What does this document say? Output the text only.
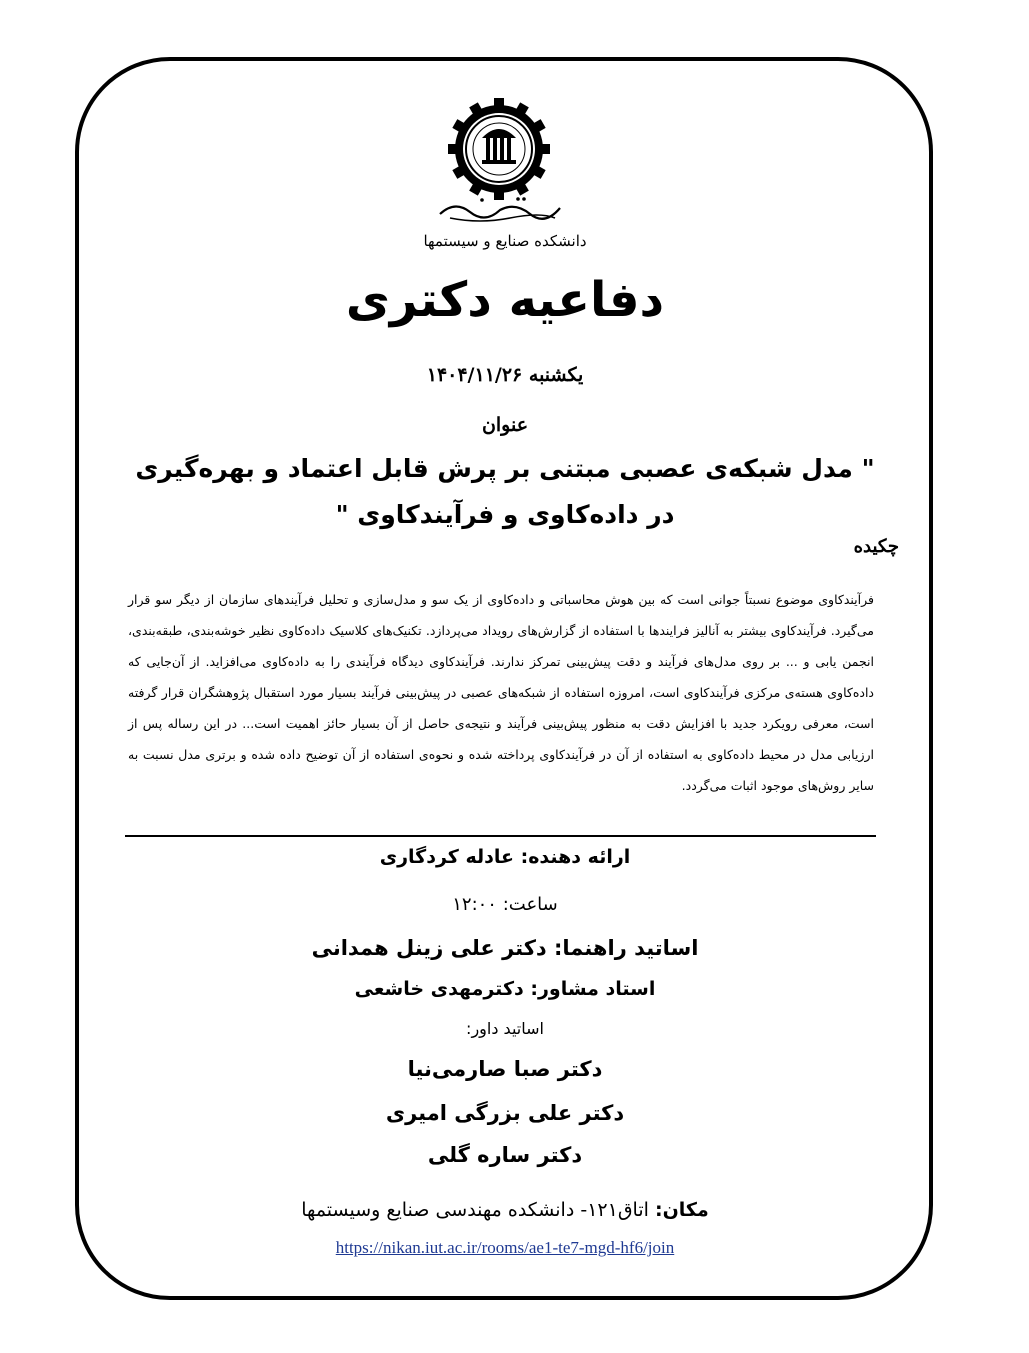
دانشکده صنایع و سیستمها
دفاعیه دکتری
یکشنبه ۱۴۰۴/۱۱/۲۶
عنوان
" مدل شبکه‌ی عصبی مبتنی بر پرش قابل اعتماد و بهره‌گیری در داده‌کاوی و فرآیندکاوی "
چکیده
فرآیندکاوی موضوع نسبتاً جوانی است که بین هوش محاسباتی و داده‌کاوی از یک سو و مدل‌سازی و تحلیل فرآیندهای سازمان از دیگر سو قرار می‌گیرد. فرآیندکاوی بیشتر به آنالیز فرایندها با استفاده از گزارش‌های رویداد می‌پردازد. تکنیک‌های کلاسیک داده‌کاوی نظیر خوشه‌بندی، طبقه‌بندی، انجمن یابی و ... بر روی مدل‌های فرآیند و دقت پیش‌بینی تمرکز ندارند. فرآیندکاوی دیدگاه فرآیندی را به داده‌کاوی می‌افزاید. از آن‌جایی که داده‌کاوی هسته‌ی مرکزی فرآیندکاوی است، امروزه استفاده از شبکه‌های عصبی در پیش‌بینی فرآیند بسیار مورد استقبال پژوهشگران قرار گرفته است، معرفی رویکرد جدید با افزایش دقت به منظور پیش‌بینی فرآیند و نتیجه‌ی حاصل از آن بسیار حائز اهمیت است... در این رساله پس از ارزیابی مدل در محیط داده‌کاوی به استفاده از آن در فرآیندکاوی پرداخته شده و نحوه‌ی استفاده از آن توضیح داده شده و برتری مدل نسبت به سایر روش‌های موجود اثبات می‌گردد.
ارائه دهنده: عادله کردگاری
ساعت: ۱۲:۰۰
اساتید راهنما: دکتر علی زینل همدانی
استاد مشاور: دکترمهدی خاشعی
اساتید داور:
دکتر صبا صارمی‌نیا
دکتر علی بزرگی امیری
دکتر ساره گلی
مکان: اتاق۱۲۱- دانشکده مهندسی صنایع وسیستمها
https://nikan.iut.ac.ir/rooms/ae1-te7-mgd-hf6/join
